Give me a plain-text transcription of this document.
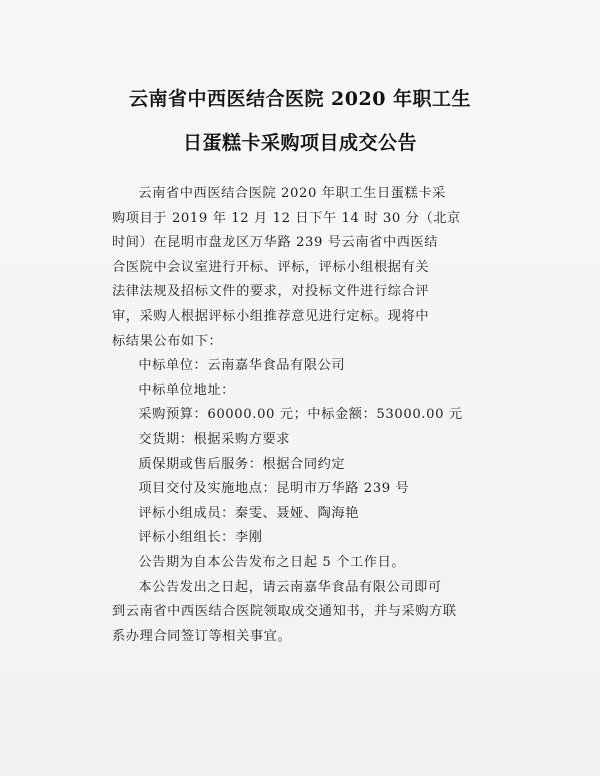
云南省中西医结合医院 2020 年职工生
日蛋糕卡采购项目成交公告
云南省中西医结合医院 2020 年职工生日蛋糕卡采
购项目于 2019 年 12 月 12 日下午 14 时 30 分（北京
时间）在昆明市盘龙区万华路 239 号云南省中西医结
合医院中会议室进行开标、评标，评标小组根据有关
法律法规及招标文件的要求，对投标文件进行综合评
审，采购人根据评标小组推荐意见进行定标。现将中
标结果公布如下：
中标单位：云南嘉华食品有限公司
中标单位地址：
采购预算：60000.00 元；中标金额：53000.00 元
交货期：根据采购方要求
质保期或售后服务：根据合同约定
项目交付及实施地点：昆明市万华路 239 号
评标小组成员：秦雯、聂娅、陶海艳
评标小组组长：李刚
公告期为自本公告发布之日起 5 个工作日。
本公告发出之日起，请云南嘉华食品有限公司即可
到云南省中西医结合医院领取成交通知书，并与采购方联
系办理合同签订等相关事宜。
